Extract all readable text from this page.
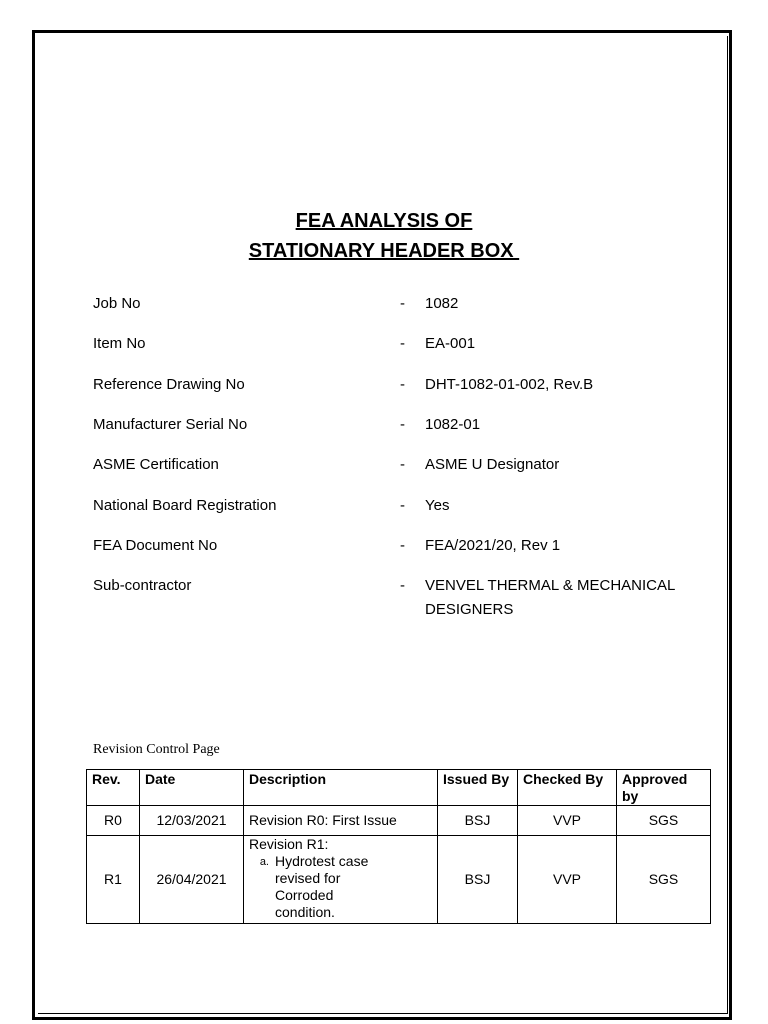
FEA ANALYSIS OF
STATIONARY HEADER BOX
Job No	- 1082
Item No	- EA-001
Reference Drawing No	- DHT-1082-01-002, Rev.B
Manufacturer Serial No	- 1082-01
ASME Certification	- ASME U Designator
National Board Registration	- Yes
FEA Document No	- FEA/2021/20, Rev 1
Sub-contractor	- VENVEL THERMAL & MECHANICAL DESIGNERS
Revision Control Page
Rev.	Date	Description	Issued By	Checked By	Approved by
R0	12/03/2021	Revision R0: First Issue	BSJ	VVP	SGS
R1	26/04/2021	Revision R1:
a. Hydrotest case revised for Corroded condition.	BSJ	VVP	SGS
